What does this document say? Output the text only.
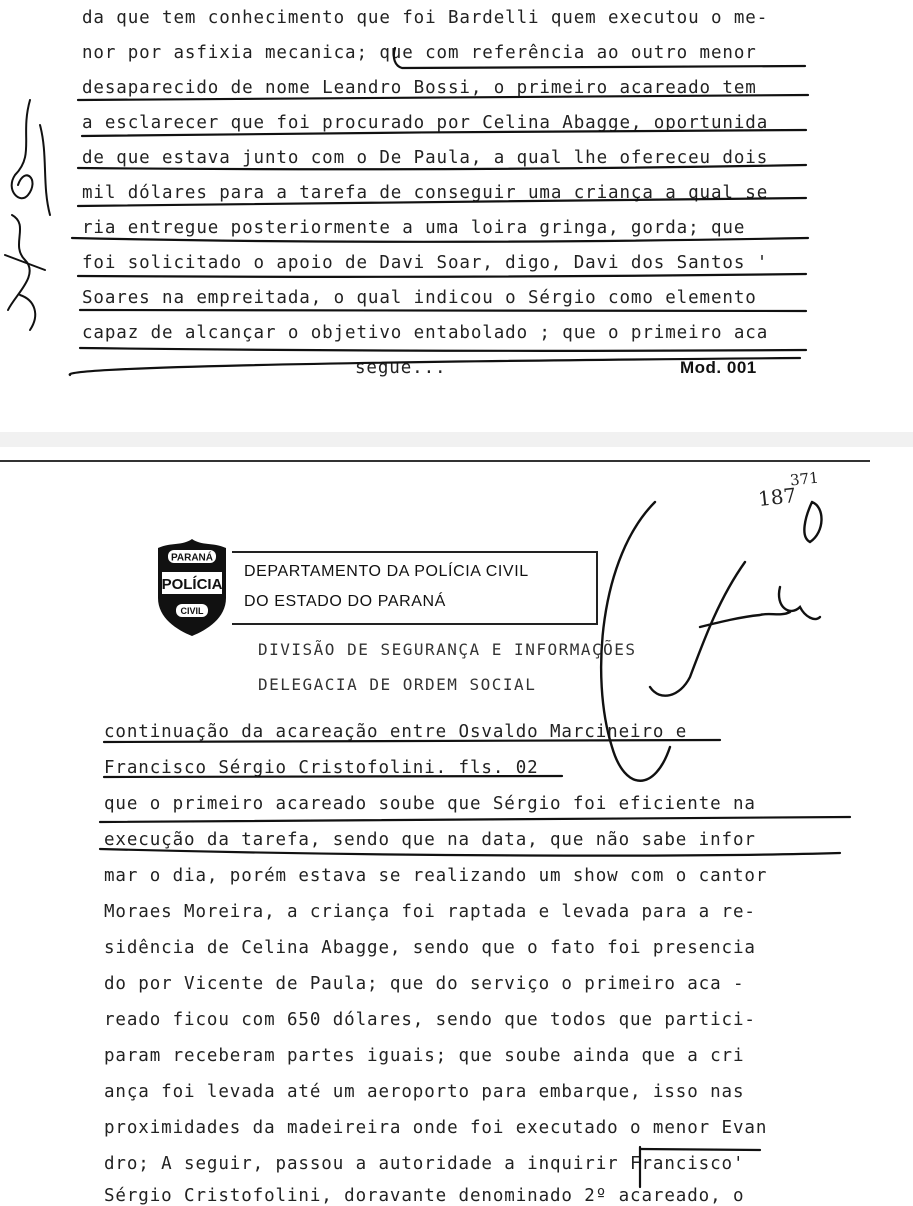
da que tem conhecimento que foi Bardelli quem executou o me-
nor por asfixia mecanica; que com referência ao outro menor
desaparecido de nome Leandro Bossi, o primeiro acareado tem
a esclarecer que foi procurado por Celina Abagge, oportunida
de que estava junto com o De Paula, a qual lhe ofereceu dois
mil dólares para a tarefa de conseguir uma criança a qual se
ria entregue posteriormente a uma loira gringa, gorda; que
foi solicitado o apoio de Davi Soar, digo, Davi dos Santos '
Soares na empreitada, o qual indicou o Sérgio como elemento
capaz de alcançar o objetivo entabolado ; que o primeiro aca
segue...	Mod. 001
187
371
PARANÁ
POLÍCIA
CIVIL
DEPARTAMENTO DA POLÍCIA CIVIL
DO ESTADO DO PARANÁ
DIVISÃO DE SEGURANÇA E INFORMAÇÕES
DELEGACIA DE ORDEM SOCIAL
continuação da acareação entre Osvaldo Marcineiro e
Francisco Sérgio Cristofolini. fls. 02
que o primeiro acareado soube que Sérgio foi eficiente na
execução da tarefa, sendo que na data, que não sabe infor
mar o dia, porém estava se realizando um show com o cantor
Moraes Moreira, a criança foi raptada e levada para a re-
sidência de Celina Abagge, sendo que o fato foi presencia
do por Vicente de Paula; que do serviço o primeiro aca -
reado ficou com 650 dólares, sendo que todos que partici-
param receberam partes iguais; que soube ainda que a cri
ança foi levada até um aeroporto para embarque, isso nas
proximidades da madeireira onde foi executado o menor Evan
dro; A seguir, passou a autoridade a inquirir Francisco'
Sérgio Cristofolini, doravante denominado 2º acareado, o
